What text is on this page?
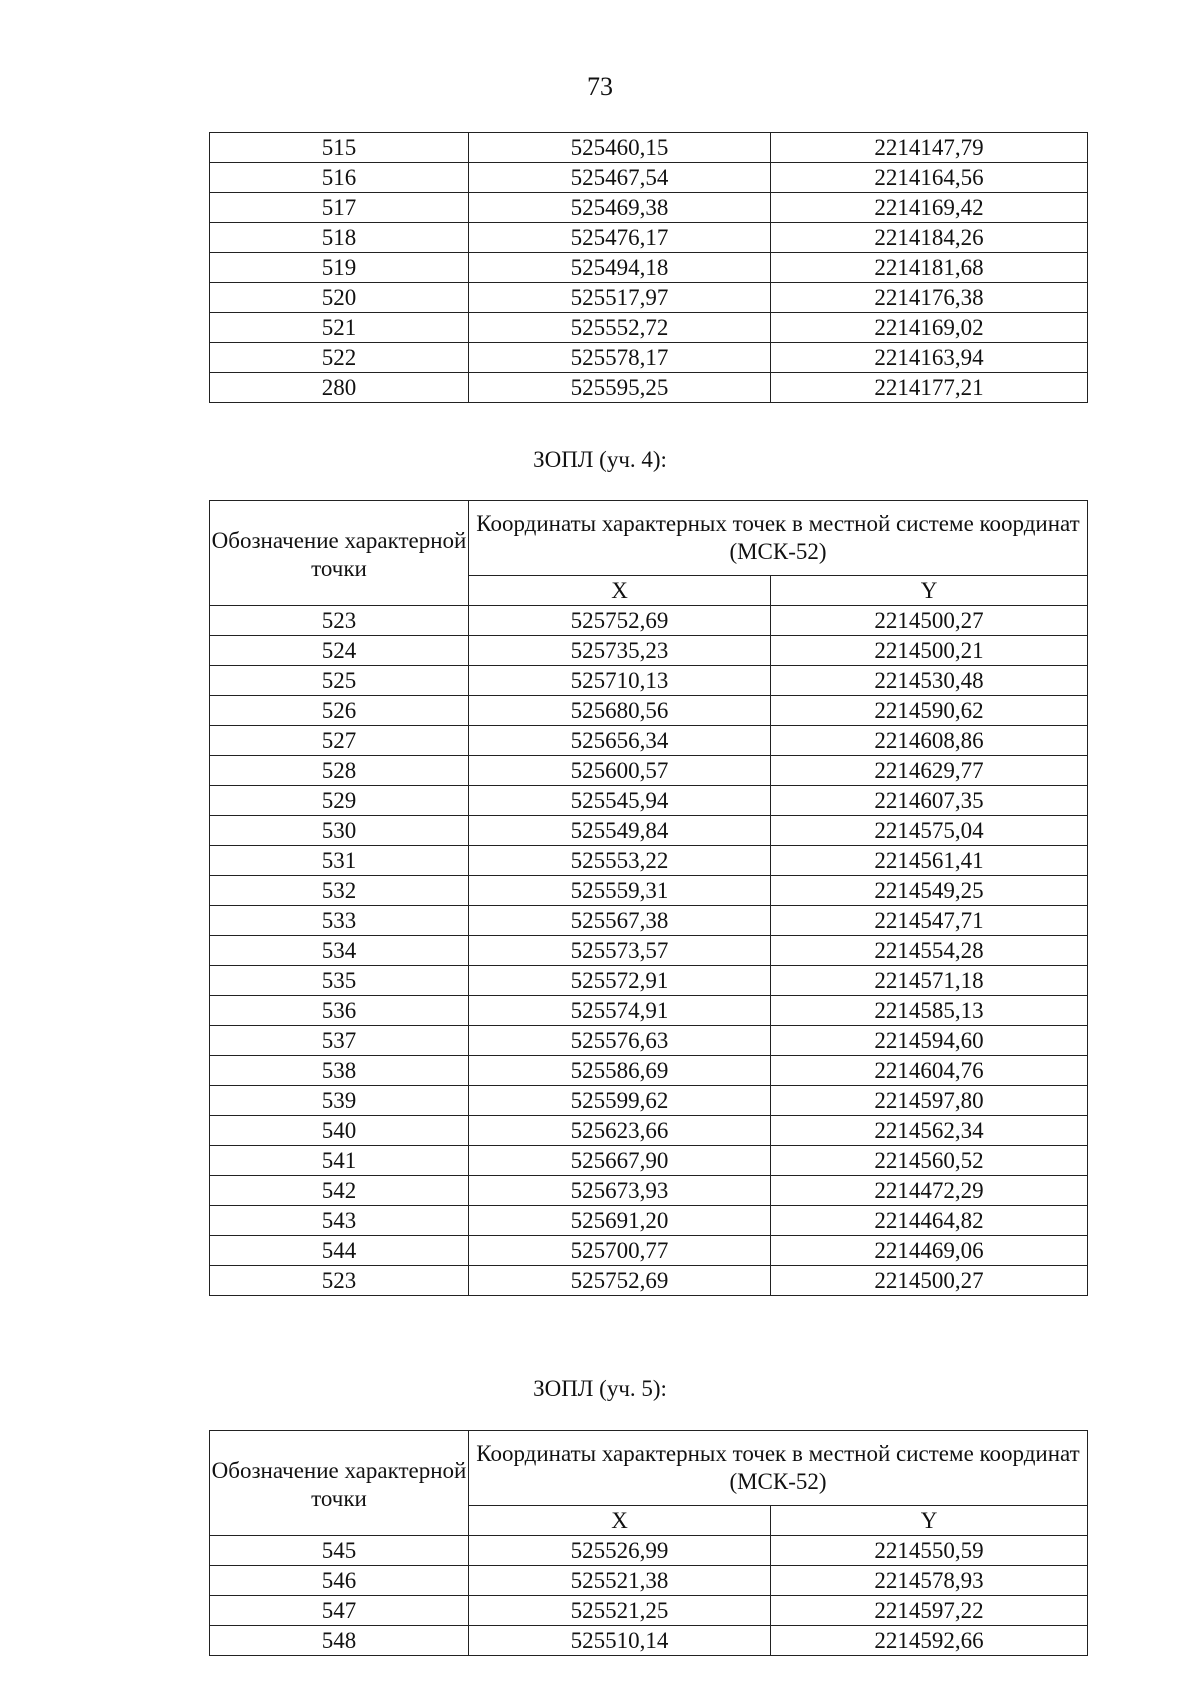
73
515	525460,15	2214147,79
516	525467,54	2214164,56
517	525469,38	2214169,42
518	525476,17	2214184,26
519	525494,18	2214181,68
520	525517,97	2214176,38
521	525552,72	2214169,02
522	525578,17	2214163,94
280	525595,25	2214177,21
ЗОПЛ (уч. 4):
Обозначение характерной точки	Координаты характерных точек в местной системе координат (МСК-52)	
	X	Y
523	525752,69	2214500,27
524	525735,23	2214500,21
525	525710,13	2214530,48
526	525680,56	2214590,62
527	525656,34	2214608,86
528	525600,57	2214629,77
529	525545,94	2214607,35
530	525549,84	2214575,04
531	525553,22	2214561,41
532	525559,31	2214549,25
533	525567,38	2214547,71
534	525573,57	2214554,28
535	525572,91	2214571,18
536	525574,91	2214585,13
537	525576,63	2214594,60
538	525586,69	2214604,76
539	525599,62	2214597,80
540	525623,66	2214562,34
541	525667,90	2214560,52
542	525673,93	2214472,29
543	525691,20	2214464,82
544	525700,77	2214469,06
523	525752,69	2214500,27
ЗОПЛ (уч. 5):
Обозначение характерной точки	Координаты характерных точек в местной системе координат (МСК-52)	
	X	Y
545	525526,99	2214550,59
546	525521,38	2214578,93
547	525521,25	2214597,22
548	525510,14	2214592,66
